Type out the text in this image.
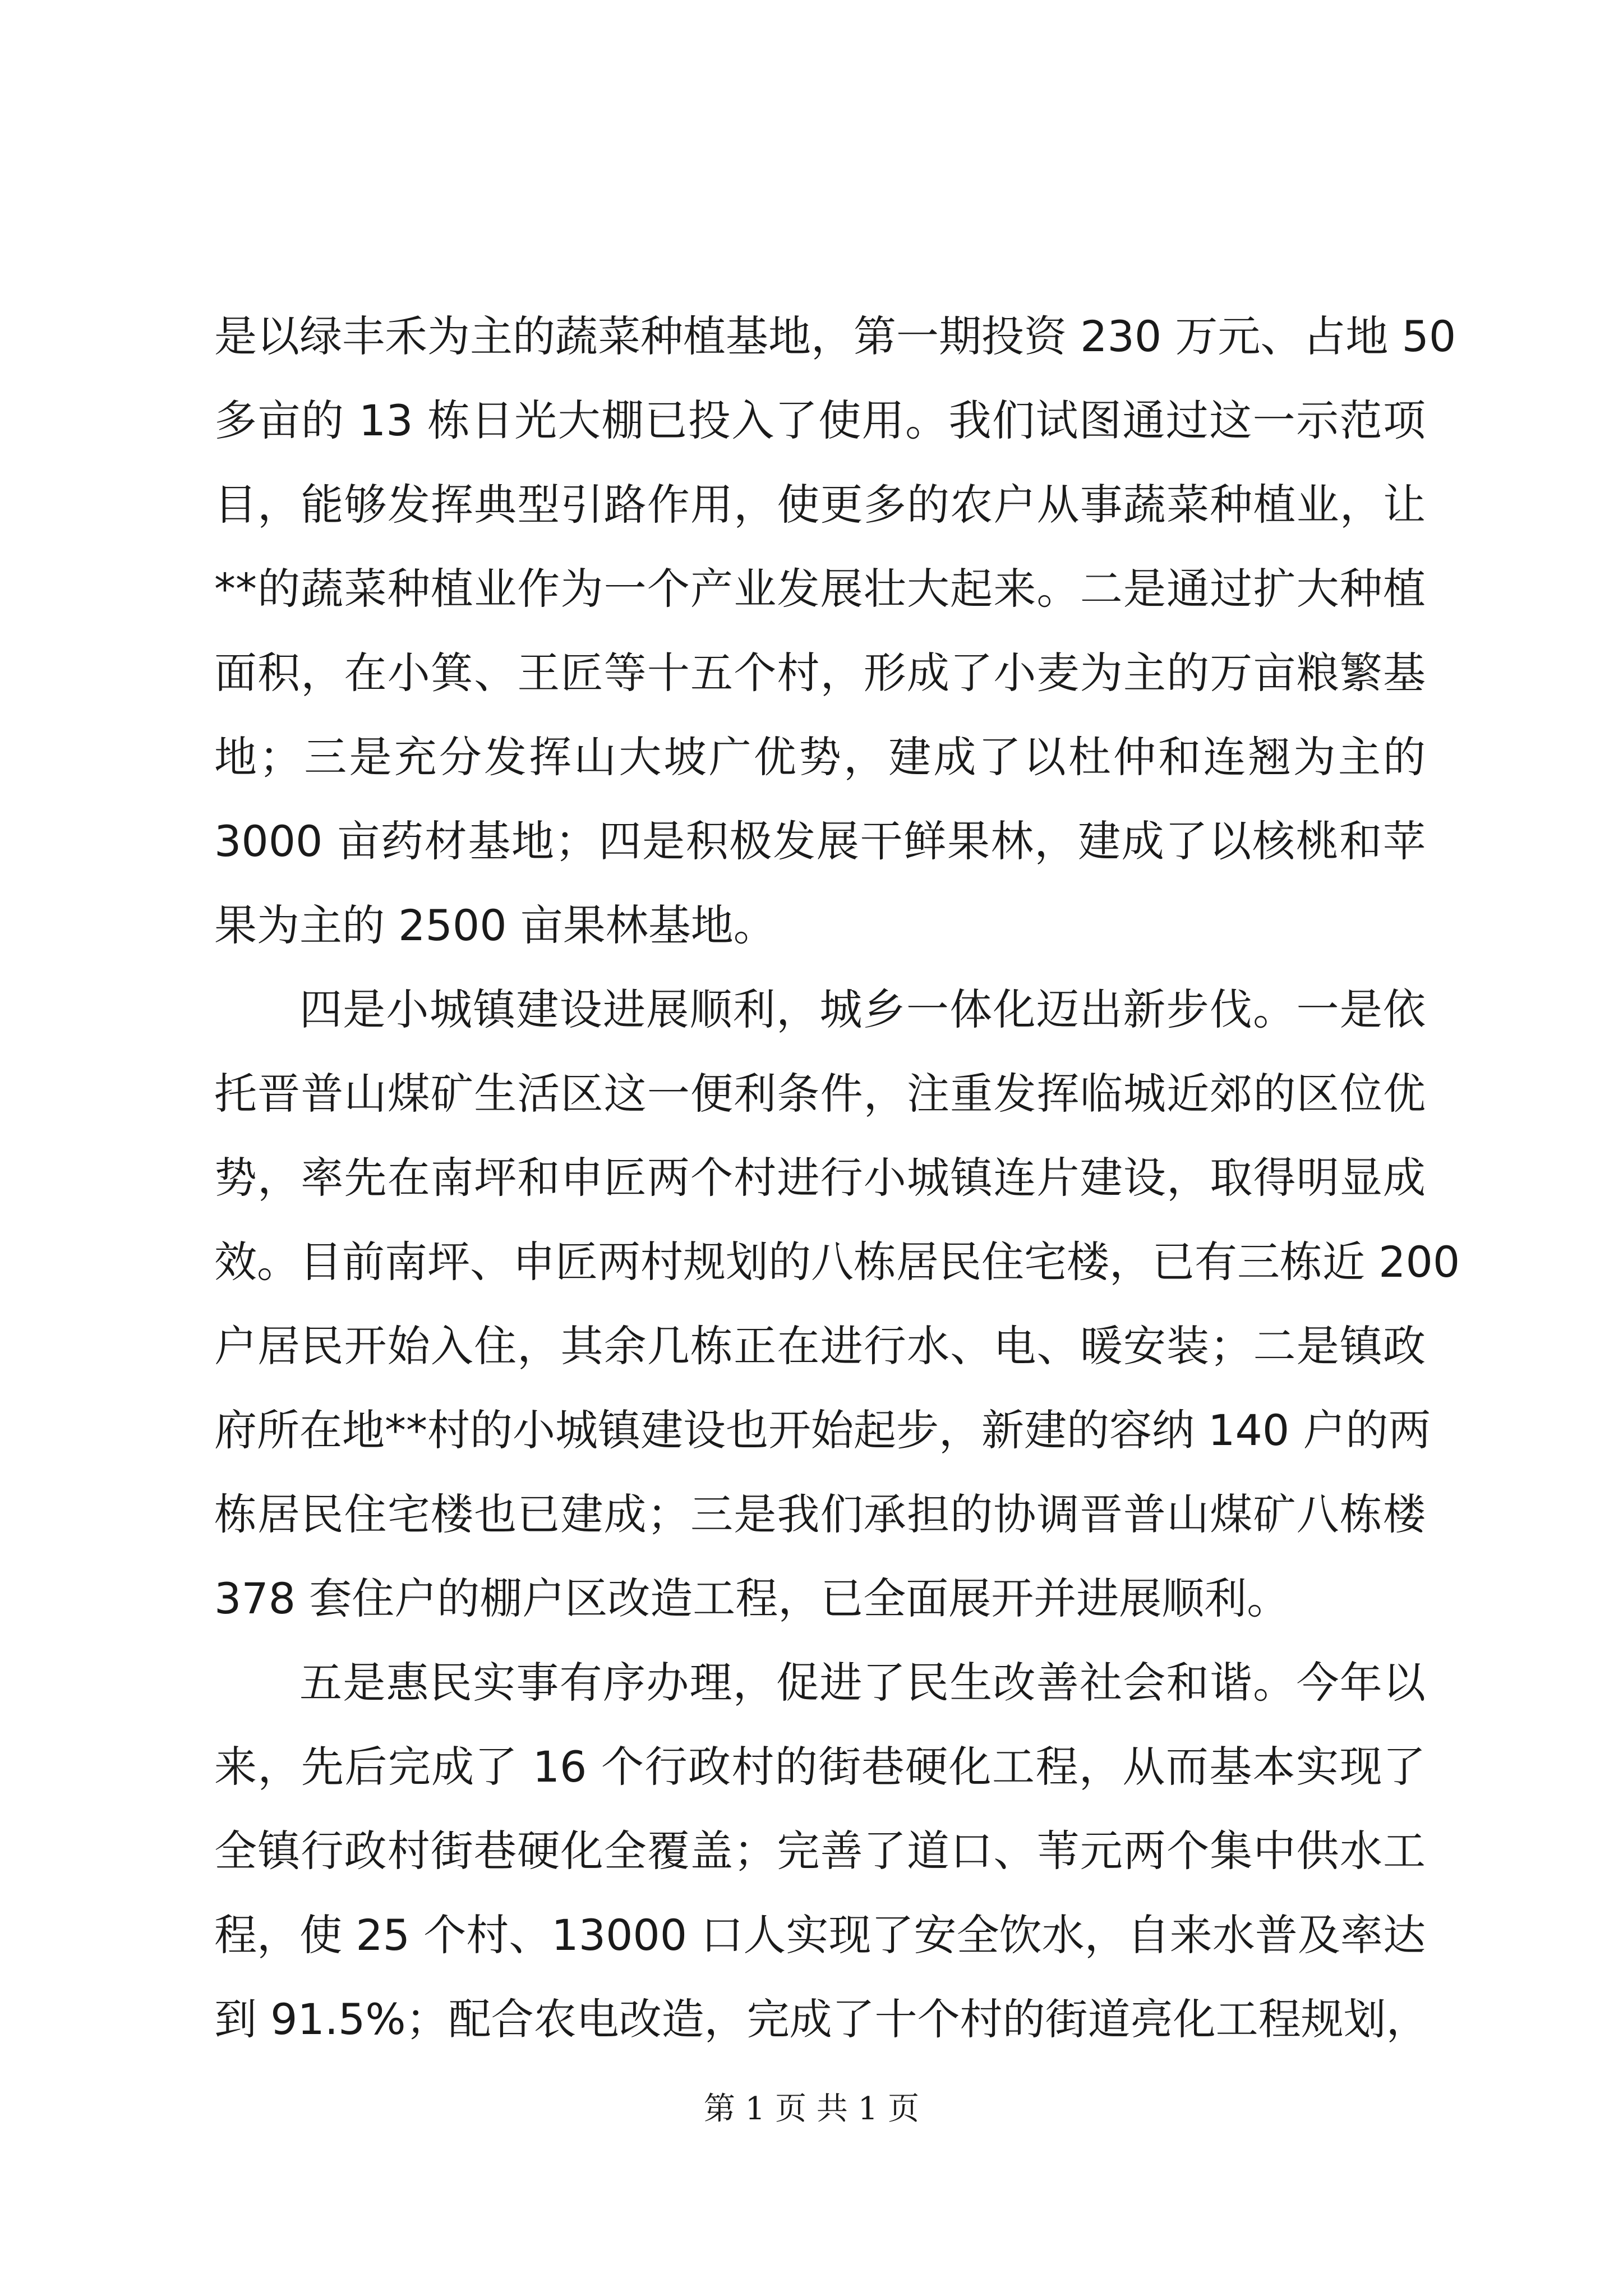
是以绿丰禾为主的蔬菜种植基地，第一期投资 230 万元、占地 50
多亩的 13 栋日光大棚已投入了使用。我们试图通过这一示范项
目，能够发挥典型引路作用，使更多的农户从事蔬菜种植业，让
**的蔬菜种植业作为一个产业发展壮大起来。二是通过扩大种植
面积，在小箕、王匠等十五个村，形成了小麦为主的万亩粮繁基
地；三是充分发挥山大坡广优势，建成了以杜仲和连翘为主的
3000 亩药材基地；四是积极发展干鲜果林，建成了以核桃和苹
果为主的 2500 亩果林基地。
四是小城镇建设进展顺利，城乡一体化迈出新步伐。一是依
托晋普山煤矿生活区这一便利条件，注重发挥临城近郊的区位优
势，率先在南坪和申匠两个村进行小城镇连片建设，取得明显成
效。目前南坪、申匠两村规划的八栋居民住宅楼，已有三栋近 200
户居民开始入住，其余几栋正在进行水、电、暖安装；二是镇政
府所在地**村的小城镇建设也开始起步，新建的容纳 140 户的两
栋居民住宅楼也已建成；三是我们承担的协调晋普山煤矿八栋楼
378 套住户的棚户区改造工程，已全面展开并进展顺利。
五是惠民实事有序办理，促进了民生改善社会和谐。今年以
来，先后完成了 16 个行政村的街巷硬化工程，从而基本实现了
全镇行政村街巷硬化全覆盖；完善了道口、苇元两个集中供水工
程，使 25 个村、13000 口人实现了安全饮水，自来水普及率达
到 91.5%；配合农电改造，完成了十个村的街道亮化工程规划，
第 1 页 共 1 页
